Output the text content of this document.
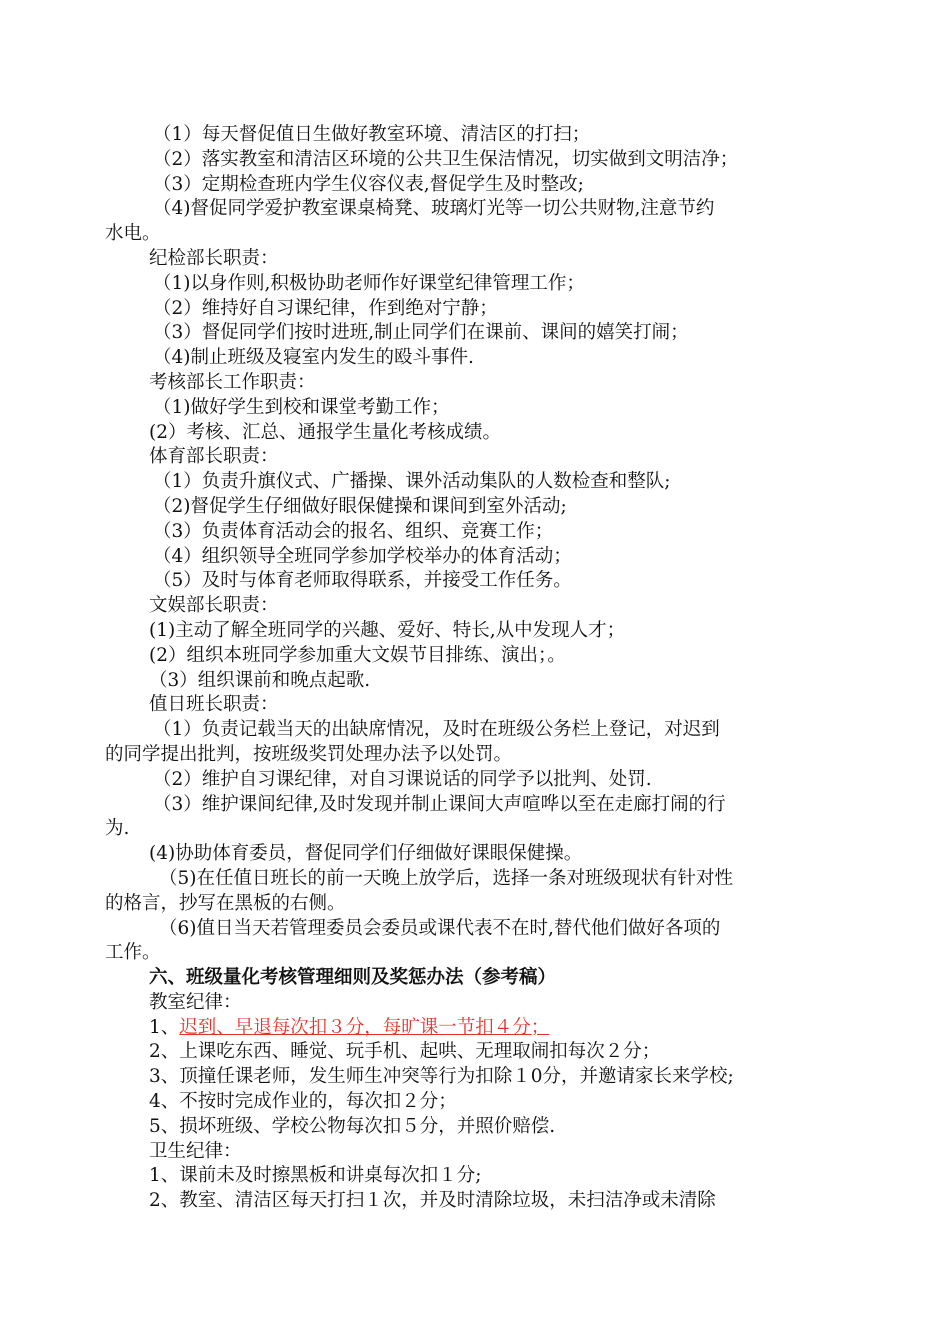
（1）每天督促值日生做好教室环境、清洁区的打扫；
（2）落实教室和清洁区环境的公共卫生保洁情况，切实做到文明洁净；
（3）定期检查班内学生仪容仪表,督促学生及时整改;
（4)督促同学爱护教室课桌椅凳、玻璃灯光等一切公共财物,注意节约
水电。
纪检部长职责：
（1)以身作则,积极协助老师作好课堂纪律管理工作；
（2）维持好自习课纪律，作到绝对宁静；
（3）督促同学们按时进班,制止同学们在课前、课间的嬉笑打闹；
（4)制止班级及寝室内发生的殴斗事件.
考核部长工作职责：
（1)做好学生到校和课堂考勤工作；
(2）考核、汇总、通报学生量化考核成绩。
体育部长职责：
（1）负责升旗仪式、广播操、课外活动集队的人数检查和整队;
（2)督促学生仔细做好眼保健操和课间到室外活动;
（3）负责体育活动会的报名、组织、竞赛工作；
（4）组织领导全班同学参加学校举办的体育活动；
（5）及时与体育老师取得联系，并接受工作任务。
文娱部长职责：
(1)主动了解全班同学的兴趣、爱好、特长,从中发现人才；
(2）组织本班同学参加重大文娱节目排练、演出；。
（3）组织课前和晚点起歌.
值日班长职责：
（1）负责记载当天的出缺席情况，及时在班级公务栏上登记，对迟到
的同学提出批判，按班级奖罚处理办法予以处罚。
（2）维护自习课纪律，对自习课说话的同学予以批判、处罚.
（3）维护课间纪律,及时发现并制止课间大声喧哗以至在走廊打闹的行
为.
(4)协助体育委员，督促同学们仔细做好课眼保健操。
（5)在任值日班长的前一天晚上放学后，选择一条对班级现状有针对性
的格言，抄写在黑板的右侧。
（6)值日当天若管理委员会委员或课代表不在时,替代他们做好各项的
工作。
六、班级量化考核管理细则及奖惩办法（参考稿）
教室纪律：
1、迟到、早退每次扣３分，每旷课一节扣４分；
2、上课吃东西、睡觉、玩手机、起哄、无理取闹扣每次２分；
3、顶撞任课老师，发生师生冲突等行为扣除１0分，并邀请家长来学校;
4、不按时完成作业的，每次扣２分；
5、损坏班级、学校公物每次扣５分，并照价赔偿.
卫生纪律：
1、课前未及时擦黑板和讲桌每次扣１分;
2、教室、清洁区每天打扫１次，并及时清除垃圾，未扫洁净或未清除
